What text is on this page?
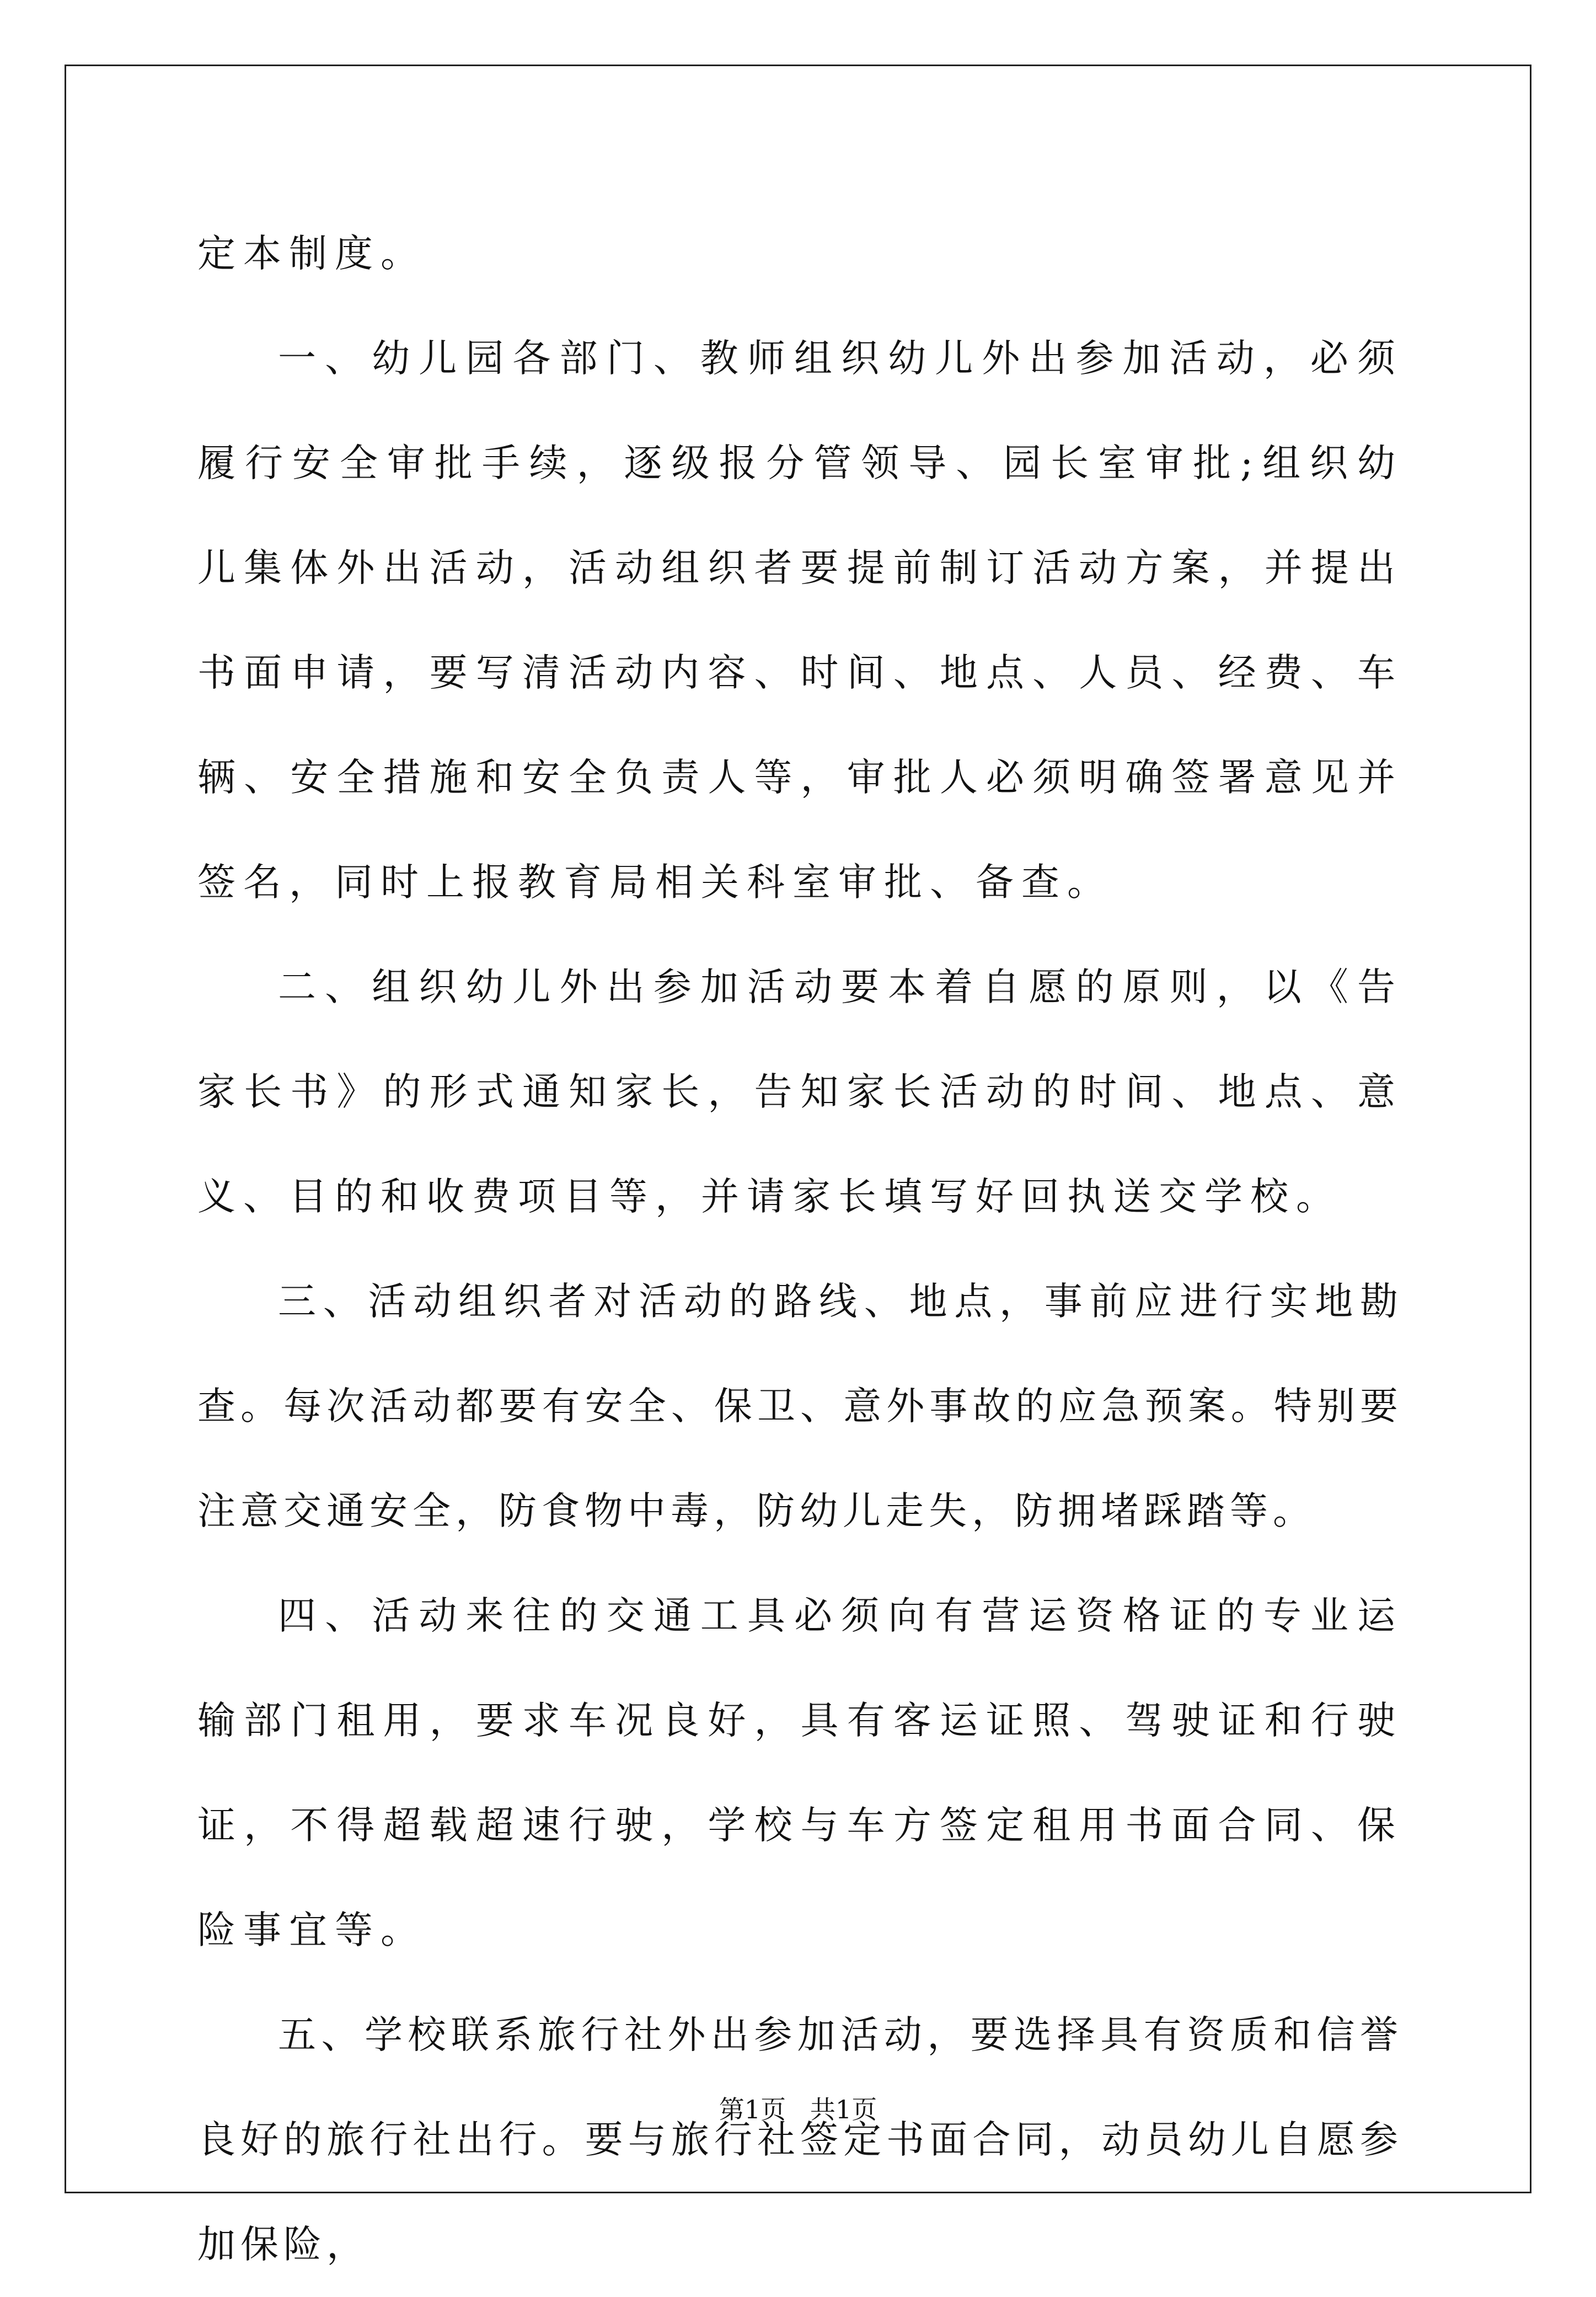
定本制度。

一、幼儿园各部门、教师组织幼儿外出参加活动，必须履行安全审批手续，逐级报分管领导、园长室审批;组织幼儿集体外出活动，活动组织者要提前制订活动方案，并提出书面申请，要写清活动内容、时间、地点、人员、经费、车辆、安全措施和安全负责人等，审批人必须明确签署意见并签名，同时上报教育局相关科室审批、备查。

二、组织幼儿外出参加活动要本着自愿的原则，以《告家长书》的形式通知家长，告知家长活动的时间、地点、意义、目的和收费项目等，并请家长填写好回执送交学校。

三、活动组织者对活动的路线、地点，事前应进行实地勘查。每次活动都要有安全、保卫、意外事故的应急预案。特别要注意交通安全，防食物中毒，防幼儿走失，防拥堵踩踏等。

四、活动来往的交通工具必须向有营运资格证的专业运输部门租用，要求车况良好，具有客运证照、驾驶证和行驶证，不得超载超速行驶，学校与车方签定租用书面合同、保险事宜等。

五、学校联系旅行社外出参加活动，要选择具有资质和信誉良好的旅行社出行。要与旅行社签定书面合同，动员幼儿自愿参加保险，

第1页   共1页
